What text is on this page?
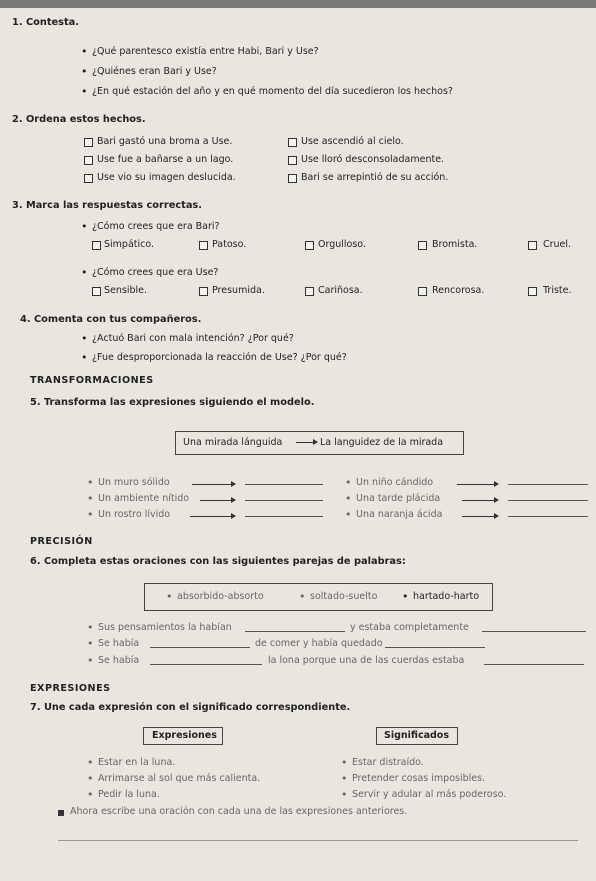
1. Contesta.
• ¿Qué parentesco existía entre Habi, Bari y Use?
• ¿Quiénes eran Bari y Use?
• ¿En qué estación del año y en qué momento del día sucedieron los hechos?
2. Ordena estos hechos.
Bari gastó una broma a Use.
Use fue a bañarse a un lago.
Use vio su imagen deslucida.
Use ascendió al cielo.
Use lloró desconsoladamente.
Bari se arrepintió de su acción.
3. Marca las respuestas correctas.
• ¿Cómo crees que era Bari?
Simpático.	Patoso.	Orgulloso.	Bromista.	Cruel.
• ¿Cómo crees que era Use?
Sensible.	Presumida.	Cariñosa.	Rencorosa.	Triste.
4. Comenta con tus compañeros.
• ¿Actuó Bari con mala intención? ¿Por qué?
• ¿Fue desproporcionada la reacción de Use? ¿Por qué?
TRANSFORMACIONES
5. Transforma las expresiones siguiendo el modelo.
Una mirada lánguida	La languidez de la mirada
• Un muro sólido
• Un ambiente nítido
• Un rostro lívido
• Un niño cándido
• Una tarde plácida
• Una naranja ácida
PRECISIÓN
6. Completa estas oraciones con las siguientes parejas de palabras:
• absorbido-absorto	• soltado-suelto	• hartado-harto
• Sus pensamientos la habían	y estaba completamente
• Se había	de comer y había quedado
• Se había	la lona porque una de las cuerdas estaba
EXPRESIONES
7. Une cada expresión con el significado correspondiente.
Expresiones	Significados
• Estar en la luna.
• Arrimarse al sol que más calienta.
• Pedir la luna.
• Estar distraído.
• Pretender cosas imposibles.
• Servir y adular al más poderoso.
Ahora escribe una oración con cada una de las expresiones anteriores.
